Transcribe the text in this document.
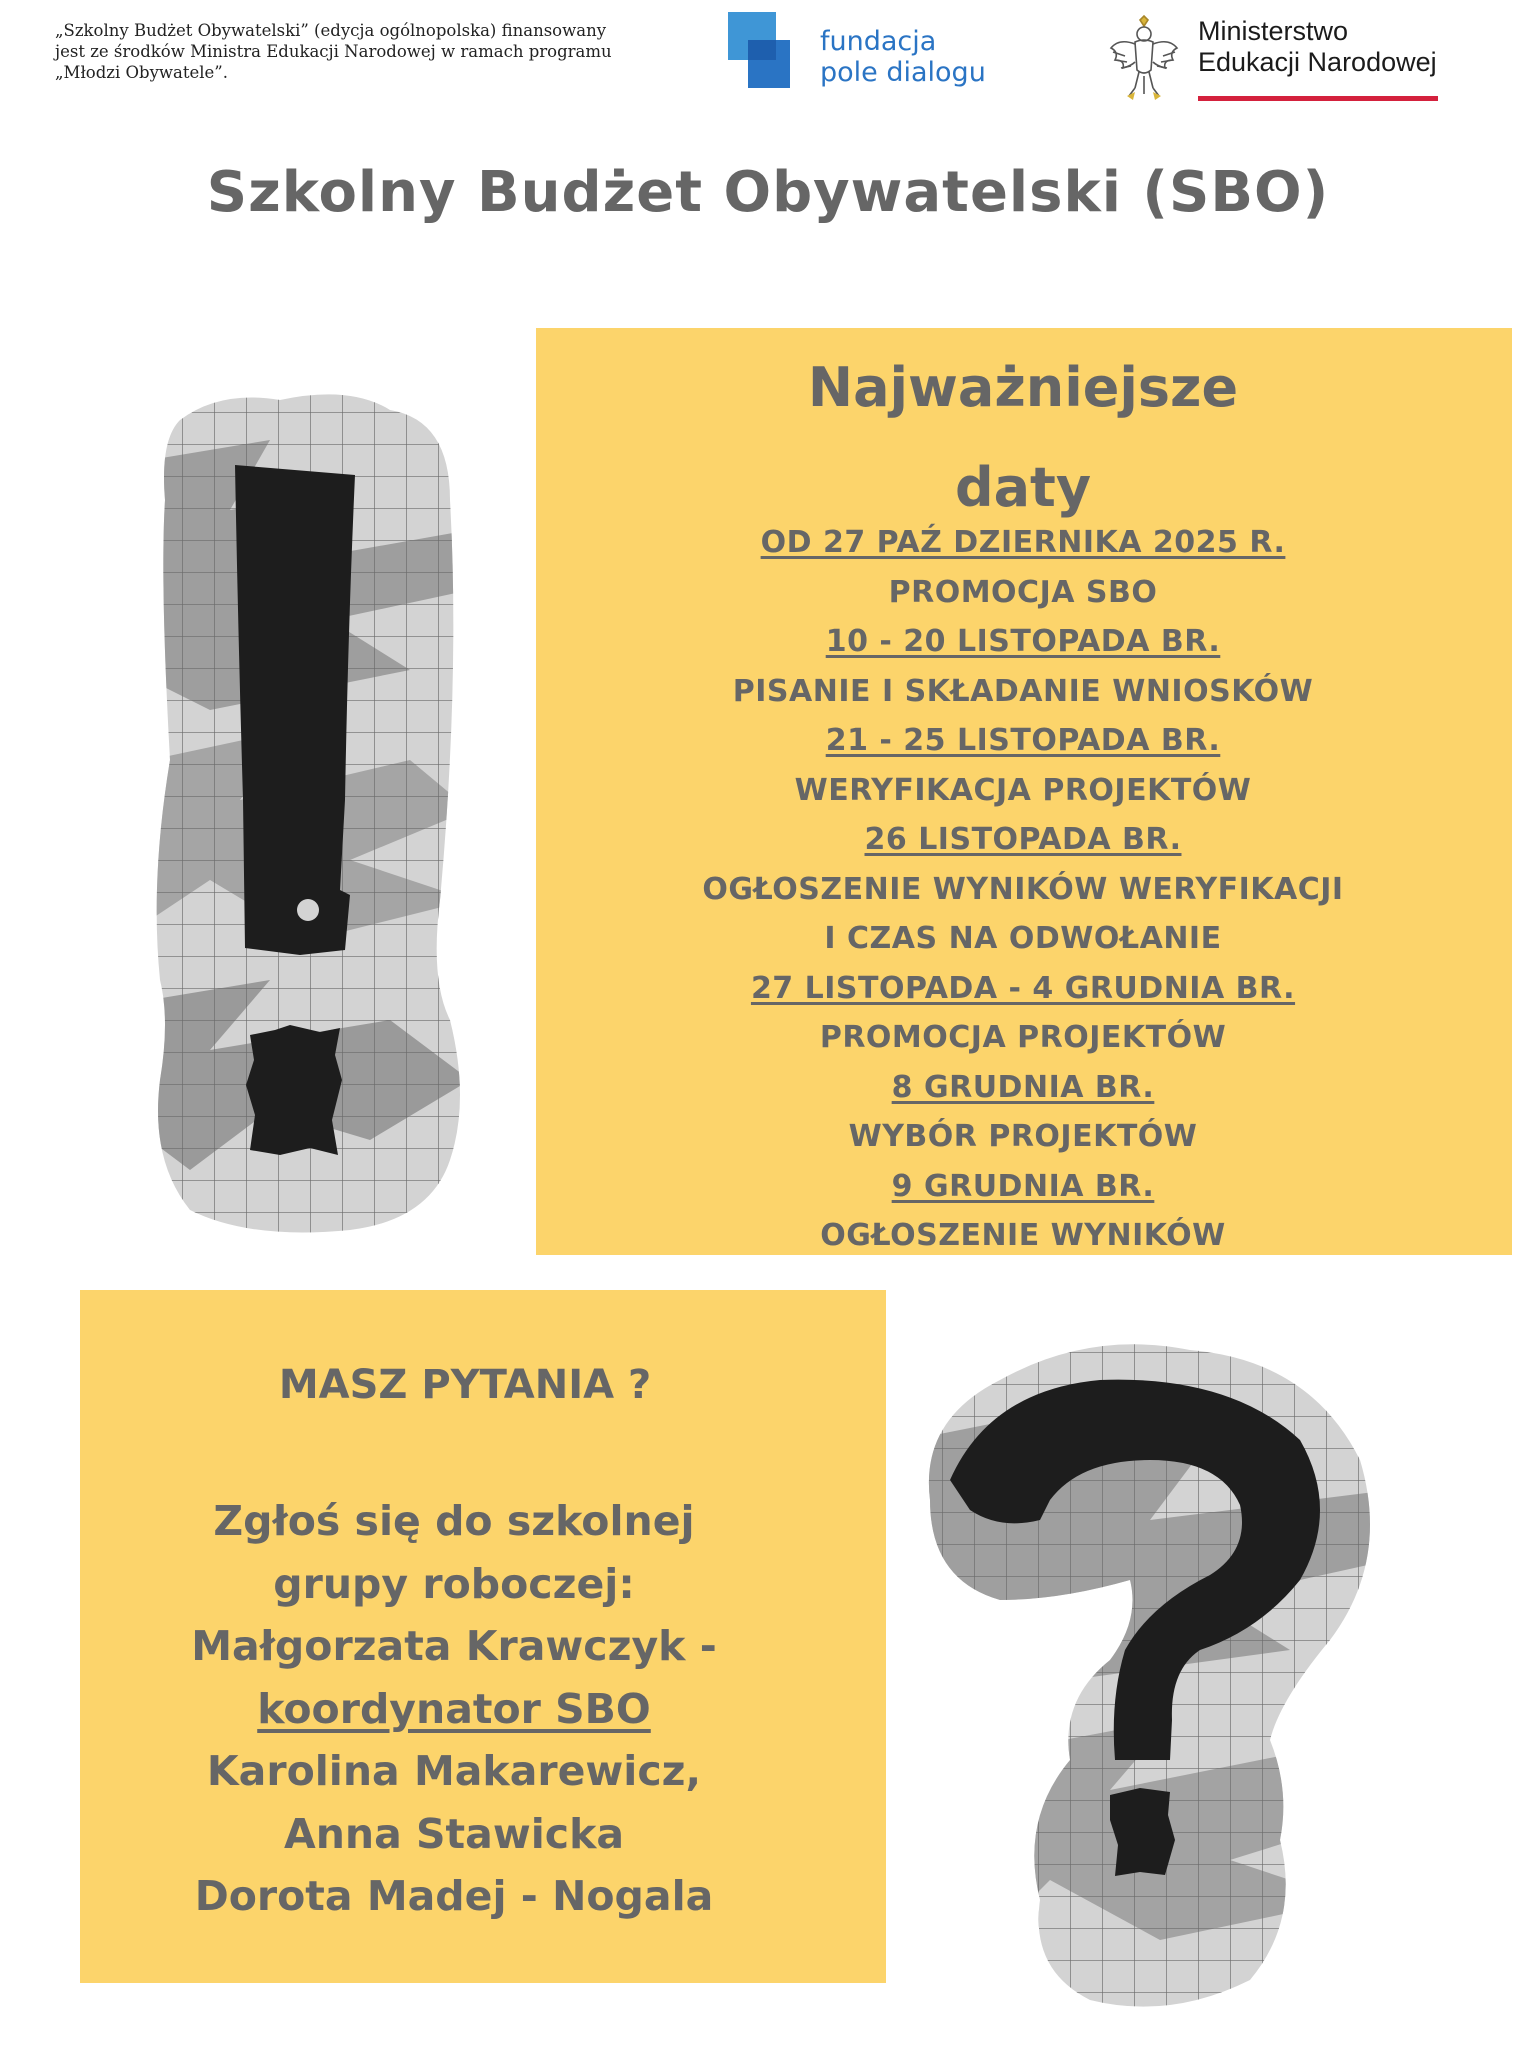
„Szkolny Budżet Obywatelski” (edycja ogólnopolska) finansowany
jest ze środków Ministra Edukacji Narodowej w ramach programu
„Młodzi Obywatele”.
fundacja
pole dialogu
Ministerstwo
Edukacji Narodowej
Szkolny Budżet Obywatelski (SBO)
Najważniejsze
daty
OD 27 PAŹ DZIERNIKA 2025 R.
PROMOCJA SBO
10 - 20 LISTOPADA BR.
PISANIE I SKŁADANIE WNIOSKÓW
21 - 25 LISTOPADA BR.
WERYFIKACJA PROJEKTÓW
26 LISTOPADA BR.
OGŁOSZENIE WYNIKÓW WERYFIKACJI
I CZAS NA ODWOŁANIE
27 LISTOPADA - 4 GRUDNIA BR.
PROMOCJA PROJEKTÓW
8 GRUDNIA BR.
WYBÓR PROJEKTÓW
9 GRUDNIA BR.
OGŁOSZENIE WYNIKÓW
MASZ PYTANIA ?
Zgłoś się do szkolnej
grupy roboczej:
Małgorzata Krawczyk -
koordynator SBO
Karolina Makarewicz,
Anna Stawicka
Dorota Madej - Nogala
